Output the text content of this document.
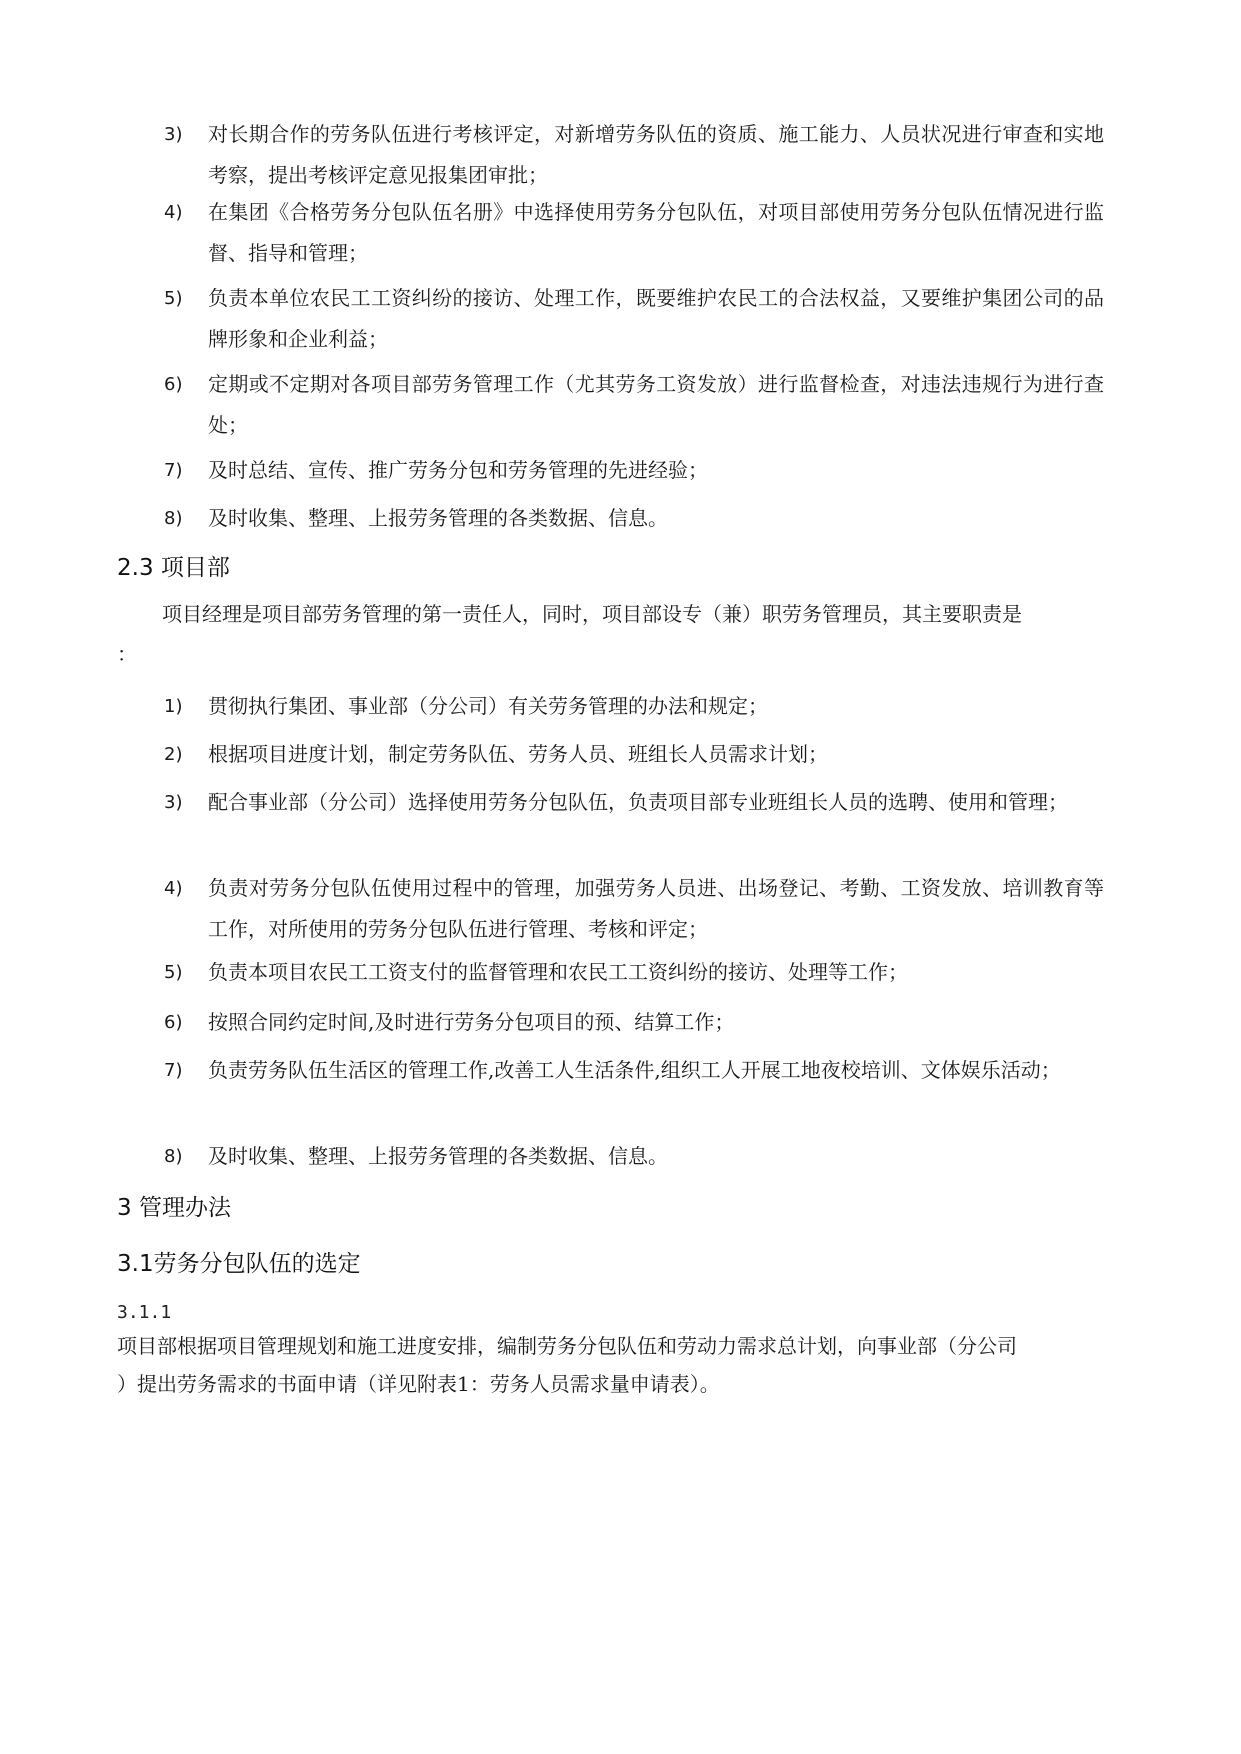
3)	对长期合作的劳务队伍进行考核评定，对新增劳务队伍的资质、施工能力、人员状况进行审查和实地考察，提出考核评定意见报集团审批；
4)	在集团《合格劳务分包队伍名册》中选择使用劳务分包队伍，对项目部使用劳务分包队伍情况进行监督、指导和管理；
5)	负责本单位农民工工资纠纷的接访、处理工作，既要维护农民工的合法权益，又要维护集团公司的品牌形象和企业利益；
6)	定期或不定期对各项目部劳务管理工作（尤其劳务工资发放）进行监督检查，对违法违规行为进行查处；
7)	及时总结、宣传、推广劳务分包和劳务管理的先进经验；
8)	及时收集、整理、上报劳务管理的各类数据、信息。
2.3 项目部
项目经理是项目部劳务管理的第一责任人，同时，项目部设专（兼）职劳务管理员，其主要职责是
：
1)	贯彻执行集团、事业部（分公司）有关劳务管理的办法和规定；
2)	根据项目进度计划，制定劳务队伍、劳务人员、班组长人员需求计划；
3)	配合事业部（分公司）选择使用劳务分包队伍，负责项目部专业班组长人员的选聘、使用和管理；
4)	负责对劳务分包队伍使用过程中的管理，加强劳务人员进、出场登记、考勤、工资发放、培训教育等工作，对所使用的劳务分包队伍进行管理、考核和评定；
5)	负责本项目农民工工资支付的监督管理和农民工工资纠纷的接访、处理等工作；
6)	按照合同约定时间,及时进行劳务分包项目的预、结算工作；
7)	负责劳务队伍生活区的管理工作,改善工人生活条件,组织工人开展工地夜校培训、文体娱乐活动；
8)	及时收集、整理、上报劳务管理的各类数据、信息。
3 管理办法
3.1劳务分包队伍的选定
3.1.1
项目部根据项目管理规划和施工进度安排，编制劳务分包队伍和劳动力需求总计划，向事业部（分公司
）提出劳务需求的书面申请（详见附表1：劳务人员需求量申请表）。
